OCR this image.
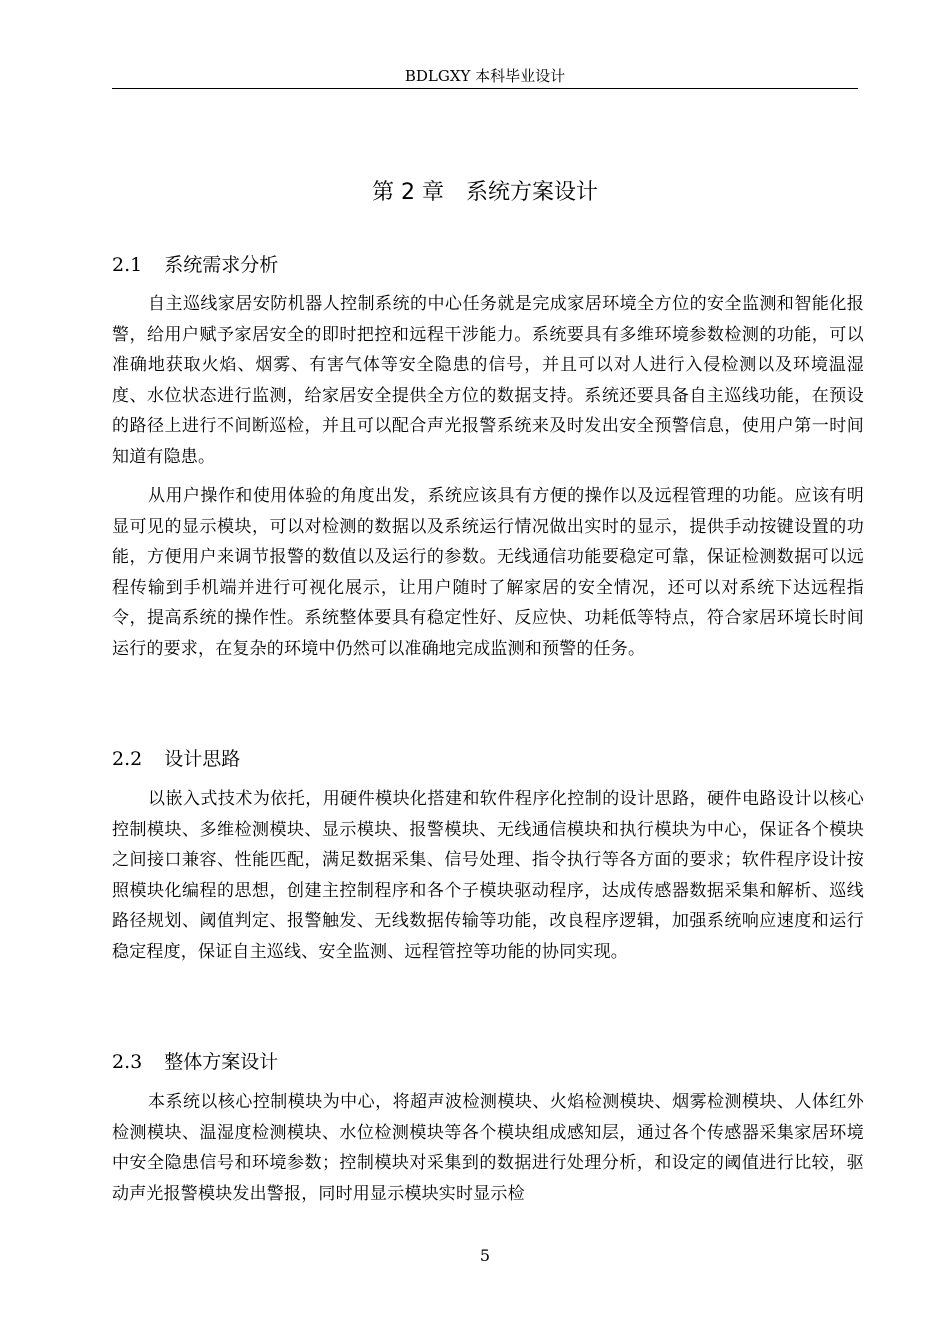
BDLGXY 本科毕业设计
第 2 章 系统方案设计
2.1 系统需求分析

自主巡线家居安防机器人控制系统的中心任务就是完成家居环境全方位的安全监测和智能化报警，给用户赋予家居安全的即时把控和远程干涉能力。系统要具有多维环境参数检测的功能，可以准确地获取火焰、烟雾、有害气体等安全隐患的信号，并且可以对人进行入侵检测以及环境温湿度、水位状态进行监测，给家居安全提供全方位的数据支持。系统还要具备自主巡线功能，在预设的路径上进行不间断巡检，并且可以配合声光报警系统来及时发出安全预警信息，使用户第一时间知道有隐患。

从用户操作和使用体验的角度出发，系统应该具有方便的操作以及远程管理的功能。应该有明显可见的显示模块，可以对检测的数据以及系统运行情况做出实时的显示，提供手动按键设置的功能，方便用户来调节报警的数值以及运行的参数。无线通信功能要稳定可靠，保证检测数据可以远程传输到手机端并进行可视化展示，让用户随时了解家居的安全情况，还可以对系统下达远程指令，提高系统的操作性。系统整体要具有稳定性好、反应快、功耗低等特点，符合家居环境长时间运行的要求，在复杂的环境中仍然可以准确地完成监测和预警的任务。

2.2 设计思路

以嵌入式技术为依托，用硬件模块化搭建和软件程序化控制的设计思路，硬件电路设计以核心控制模块、多维检测模块、显示模块、报警模块、无线通信模块和执行模块为中心，保证各个模块之间接口兼容、性能匹配，满足数据采集、信号处理、指令执行等各方面的要求；软件程序设计按照模块化编程的思想，创建主控制程序和各个子模块驱动程序，达成传感器数据采集和解析、巡线路径规划、阈值判定、报警触发、无线数据传输等功能，改良程序逻辑，加强系统响应速度和运行稳定程度，保证自主巡线、安全监测、远程管控等功能的协同实现。

2.3 整体方案设计

本系统以核心控制模块为中心，将超声波检测模块、火焰检测模块、烟雾检测模块、人体红外检测模块、温湿度检测模块、水位检测模块等各个模块组成感知层，通过各个传感器采集家居环境中安全隐患信号和环境参数；控制模块对采集到的数据进行处理分析，和设定的阈值进行比较，驱动声光报警模块发出警报，同时用显示模块实时显示检

5
